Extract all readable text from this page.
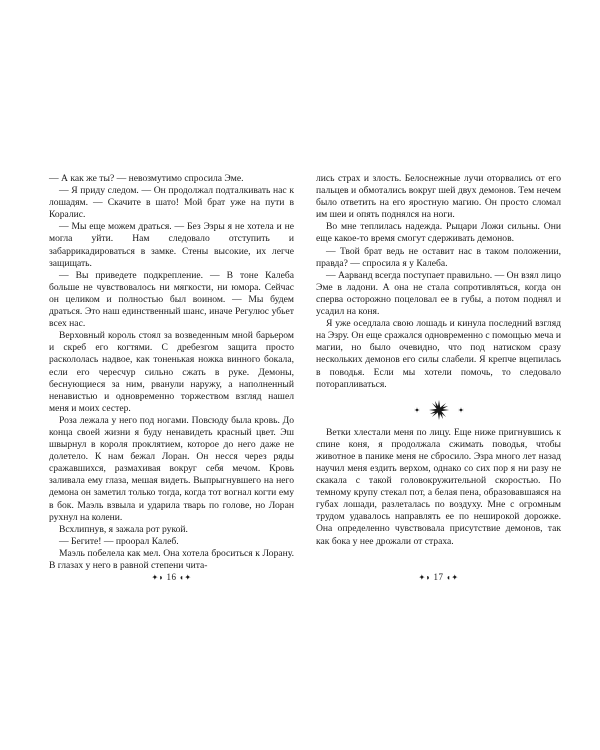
— А как же ты? — невозмутимо спросила Эме.

— Я приду следом. — Он продолжал подталкивать нас к лошадям. — Скачите в шато! Мой брат уже на пути в Коралис.

— Мы еще можем драться. — Без Эзры я не хотела и не могла уйти. Нам следовало отступить и забаррикадироваться в замке. Стены высокие, их легче защищать.

— Вы приведете подкрепление. — В тоне Калеба больше не чувствовалось ни мягкости, ни юмора. Сейчас он целиком и полностью был воином. — Мы будем драться. Это наш единственный шанс, иначе Регулюс убьет всех нас.

Верховный король стоял за возведенным мной барьером и скреб его когтями. С дребезгом защита просто раскололась надвое, как тоненькая ножка винного бокала, если его чересчур сильно сжать в руке. Демоны, беснующиеся за ним, рванули наружу, а наполненный ненавистью и одновременно торжеством взгляд нашел меня и моих сестер.

Роза лежала у него под ногами. Повсюду была кровь. До конца своей жизни я буду ненавидеть красный цвет. Эш швырнул в короля проклятием, которое до него даже не долетело. К нам бежал Лоран. Он несся через ряды сражавшихся, размахивая вокруг себя мечом. Кровь заливала ему глаза, мешая видеть. Выпрыгнувшего на него демона он заметил только тогда, когда тот вогнал когти ему в бок. Маэль взвыла и ударила тварь по голове, но Лоран рухнул на колени.

Всхлипнув, я зажала рот рукой.

— Бегите! — проорал Калеб.

Маэль побелела как мел. Она хотела броситься к Лорану. В глазах у него в равной степени чита-

лись страх и злость. Белоснежные лучи оторвались от его пальцев и обмотались вокруг шей двух демонов. Тем нечем было ответить на его яростную магию. Он просто сломал им шеи и опять поднялся на ноги.

Во мне теплилась надежда. Рыцари Ложи сильны. Они еще какое-то время смогут сдерживать демонов.

— Твой брат ведь не оставит нас в таком положении, правда? — спросила я у Калеба.

— Аарванд всегда поступает правильно. — Он взял лицо Эме в ладони. А она не стала сопротивляться, когда он сперва осторожно поцеловал ее в губы, а потом поднял и усадил на коня.

Я уже оседлала свою лошадь и кинула последний взгляд на Эзру. Он еще сражался одновременно с помощью меча и магии, но было очевидно, что под натиском сразу нескольких демонов его силы слабели. Я крепче вцепилась в поводья. Если мы хотели помочь, то следовало поторапливаться.

Ветки хлестали меня по лицу. Еще ниже пригнувшись к спине коня, я продолжала сжимать поводья, чтобы животное в панике меня не сбросило. Эзра много лет назад научил меня ездить верхом, однако со сих пор я ни разу не скакала с такой головокружительной скоростью. По темному крупу стекал пот, а белая пена, образовавшаяся на губах лошади, разлеталась по воздуху. Мне с огромным трудом удавалось направлять ее по неширокой дорожке. Она определенно чувствовала присутствие демонов, так как бока у нее дрожали от страха.

✦◗ 16 ◖✦	✦◗ 17 ◖✦
